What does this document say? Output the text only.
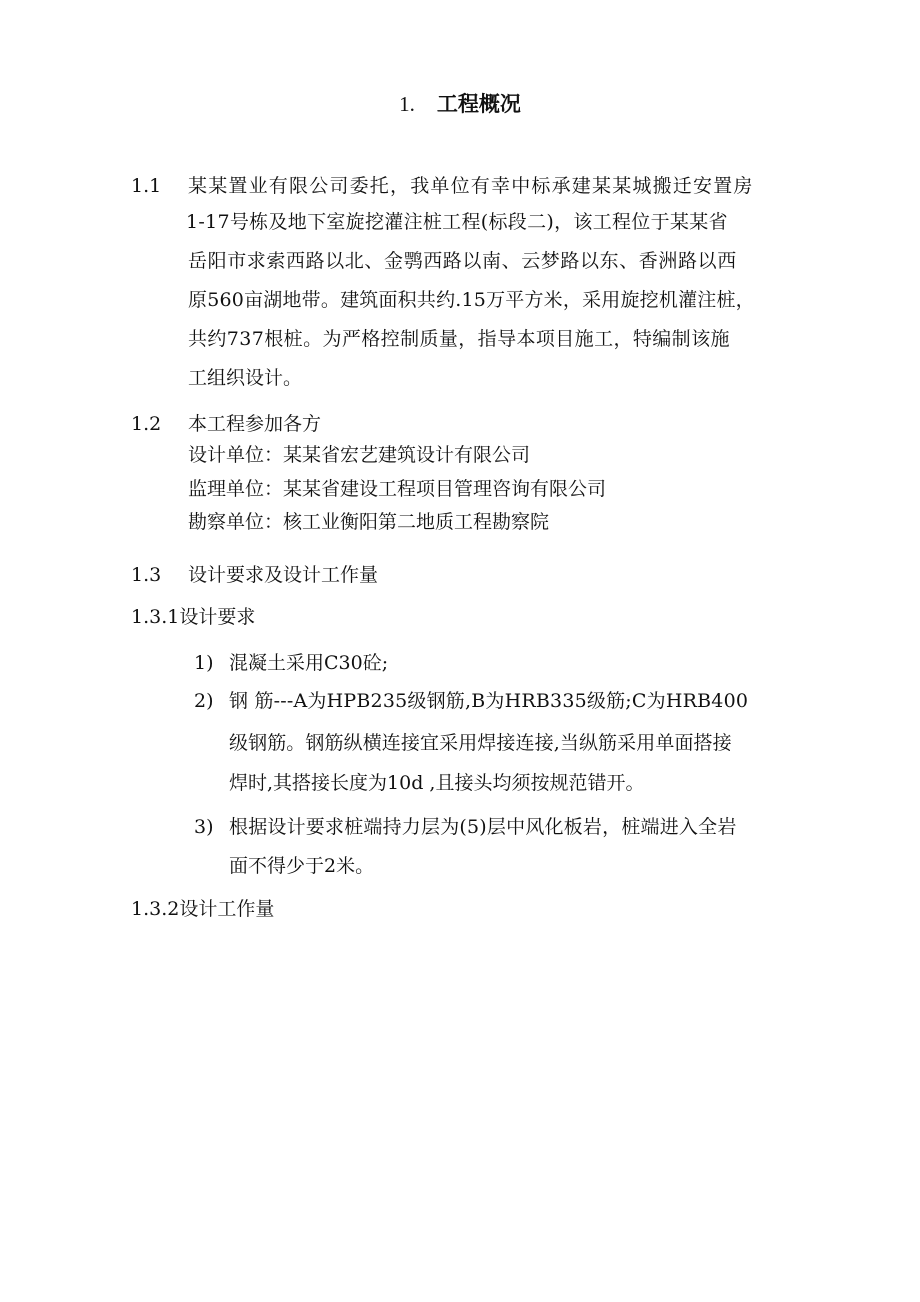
1. 工程概况
1.1 某某置业有限公司委托，我单位有幸中标承建某某城搬迁安置房
1-17号栋及地下室旋挖灌注桩工程(标段二)，该工程位于某某省
岳阳市求索西路以北、金鹗西路以南、云梦路以东、香洲路以西
原560亩湖地带。建筑面积共约.15万平方米，采用旋挖机灌注桩，
共约737根桩。为严格控制质量，指导本项目施工，特编制该施
工组织设计。
1.2 本工程参加各方
设计单位：某某省宏艺建筑设计有限公司
监理单位：某某省建设工程项目管理咨询有限公司
勘察单位：核工业衡阳第二地质工程勘察院
1.3 设计要求及设计工作量
1.3.1设计要求
1) 混凝土采用C30砼;
2) 钢 筋---A为HPB235级钢筋,B为HRB335级筋;C为HRB400
级钢筋。钢筋纵横连接宜采用焊接连接,当纵筋采用单面搭接
焊时,其搭接长度为10d ,且接头均须按规范错开。
3) 根据设计要求桩端持力层为(5)层中风化板岩，桩端进入全岩
面不得少于2米。
1.3.2设计工作量
